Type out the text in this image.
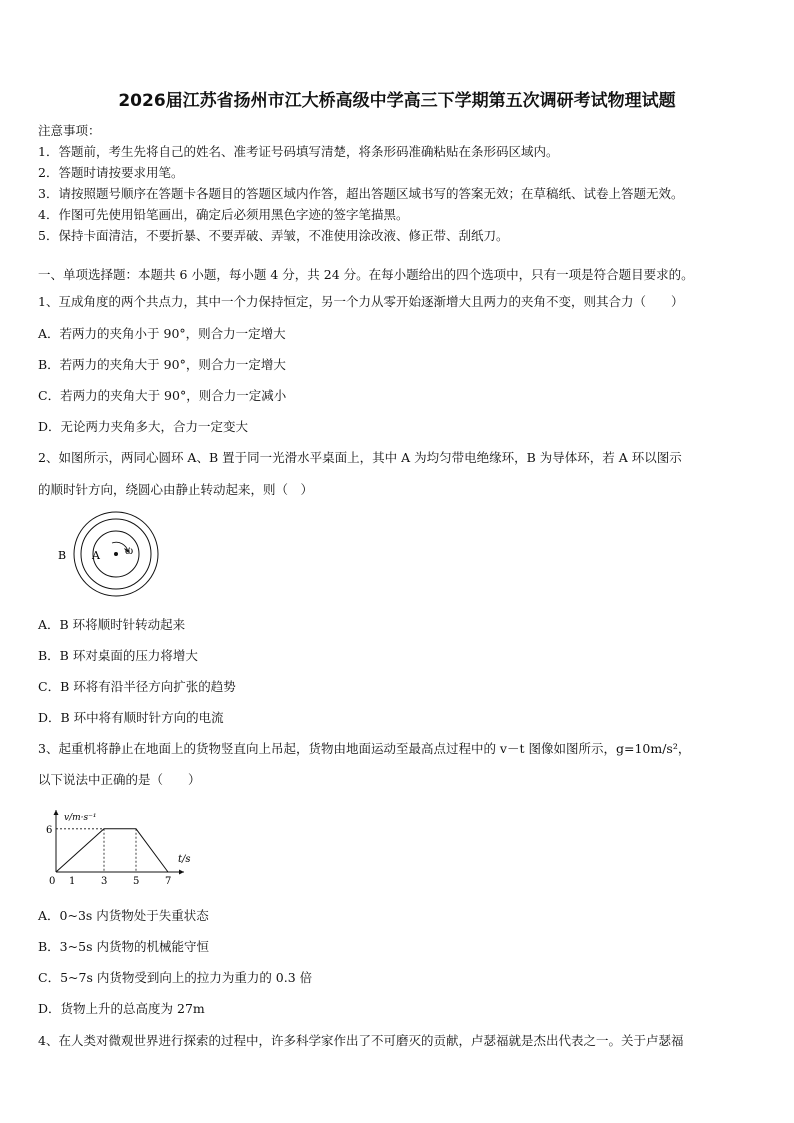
2026届江苏省扬州市江大桥高级中学高三下学期第五次调研考试物理试题
注意事项：
1．答题前，考生先将自己的姓名、准考证号码填写清楚，将条形码准确粘贴在条形码区域内。
2．答题时请按要求用笔。
3．请按照题号顺序在答题卡各题目的答题区域内作答，超出答题区域书写的答案无效；在草稿纸、试卷上答题无效。
4．作图可先使用铅笔画出，确定后必须用黑色字迹的签字笔描黑。
5．保持卡面清洁，不要折暴、不要弄破、弄皱，不准使用涂改液、修正带、刮纸刀。
一、单项选择题：本题共 6 小题，每小题 4 分，共 24 分。在每小题给出的四个选项中，只有一项是符合题目要求的。
1、互成角度的两个共点力，其中一个力保持恒定，另一个力从零开始逐渐增大且两力的夹角不变，则其合力（　　）
A．若两力的夹角小于 90°，则合力一定增大
B．若两力的夹角大于 90°，则合力一定增大
C．若两力的夹角大于 90°，则合力一定减小
D．无论两力夹角多大，合力一定变大
2、如图所示，两同心圆环 A、B 置于同一光滑水平桌面上，其中 A 为均匀带电绝缘环，B 为导体环，若 A 环以图示
的顺时针方向，绕圆心由静止转动起来，则（　）
B A	ω
A．B 环将顺时针转动起来
B．B 环对桌面的压力将增大
C．B 环将有沿半径方向扩张的趋势
D．B 环中将有顺时针方向的电流
3、起重机将静止在地面上的货物竖直向上吊起，货物由地面运动至最高点过程中的 v－t 图像如图所示，g=10m/s²，
以下说法中正确的是（　　）
0 1	3	5	7
6
v/m·s⁻¹
t/s
A．0~3s 内货物处于失重状态
B．3~5s 内货物的机械能守恒
C．5~7s 内货物受到向上的拉力为重力的 0.3 倍
D．货物上升的总高度为 27m
4、在人类对微观世界进行探索的过程中，许多科学家作出了不可磨灭的贡献，卢瑟福就是杰出代表之一。关于卢瑟福
